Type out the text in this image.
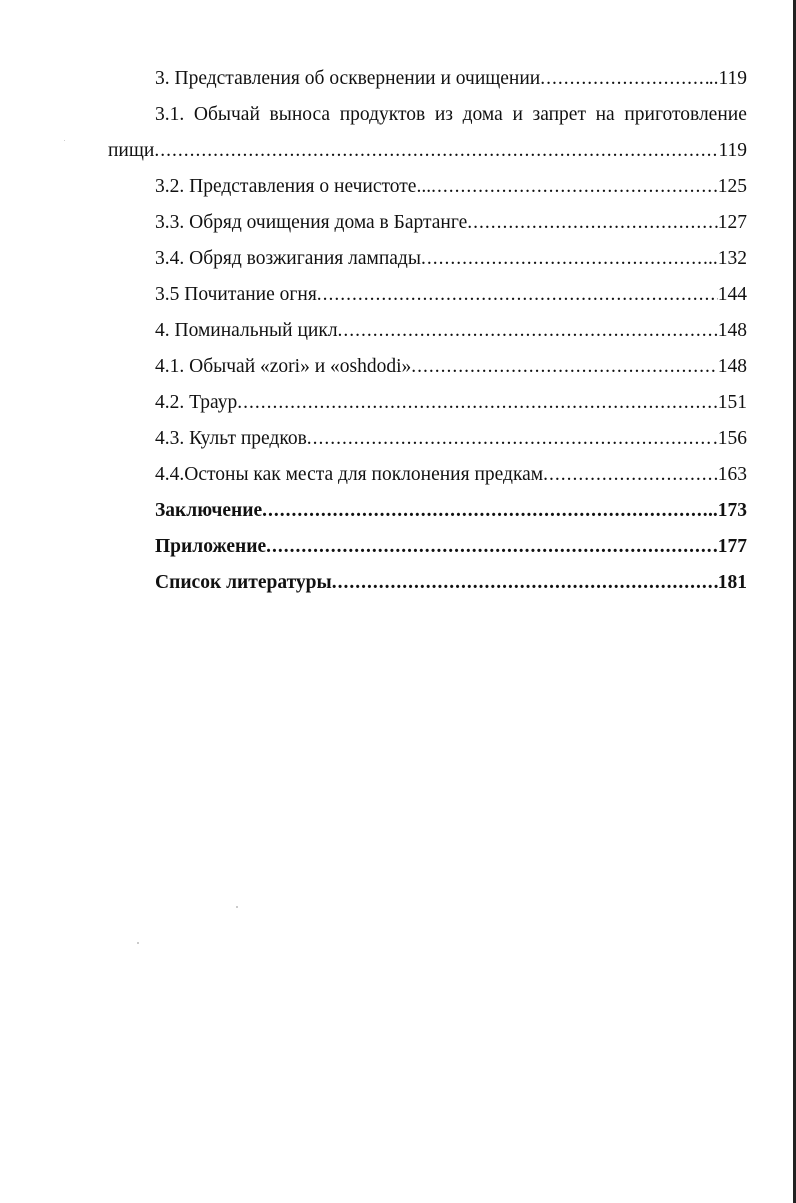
3. Представления об осквернении и очищении .....	..119
3.1. Обычай выноса продуктов из дома и запрет на приготовление
пищи .....	119
3.2. Представления о нечистоте... .....	125
3.3. Обряд очищения дома в Бартанге .....	127
3.4. Обряд возжигания лампады .....	..132
3.5 Почитание огня .....	144
4. Поминальный цикл .....	148
4.1. Обычай «zori» и «oshdodi» .....	148
4.2. Траур .....	151
4.3. Культ предков .....	.156
4.4.Остоны как места для поклонения предкам .....	163
Заключение .....	..173
Приложение .....	.177
Список литературы .....	181
